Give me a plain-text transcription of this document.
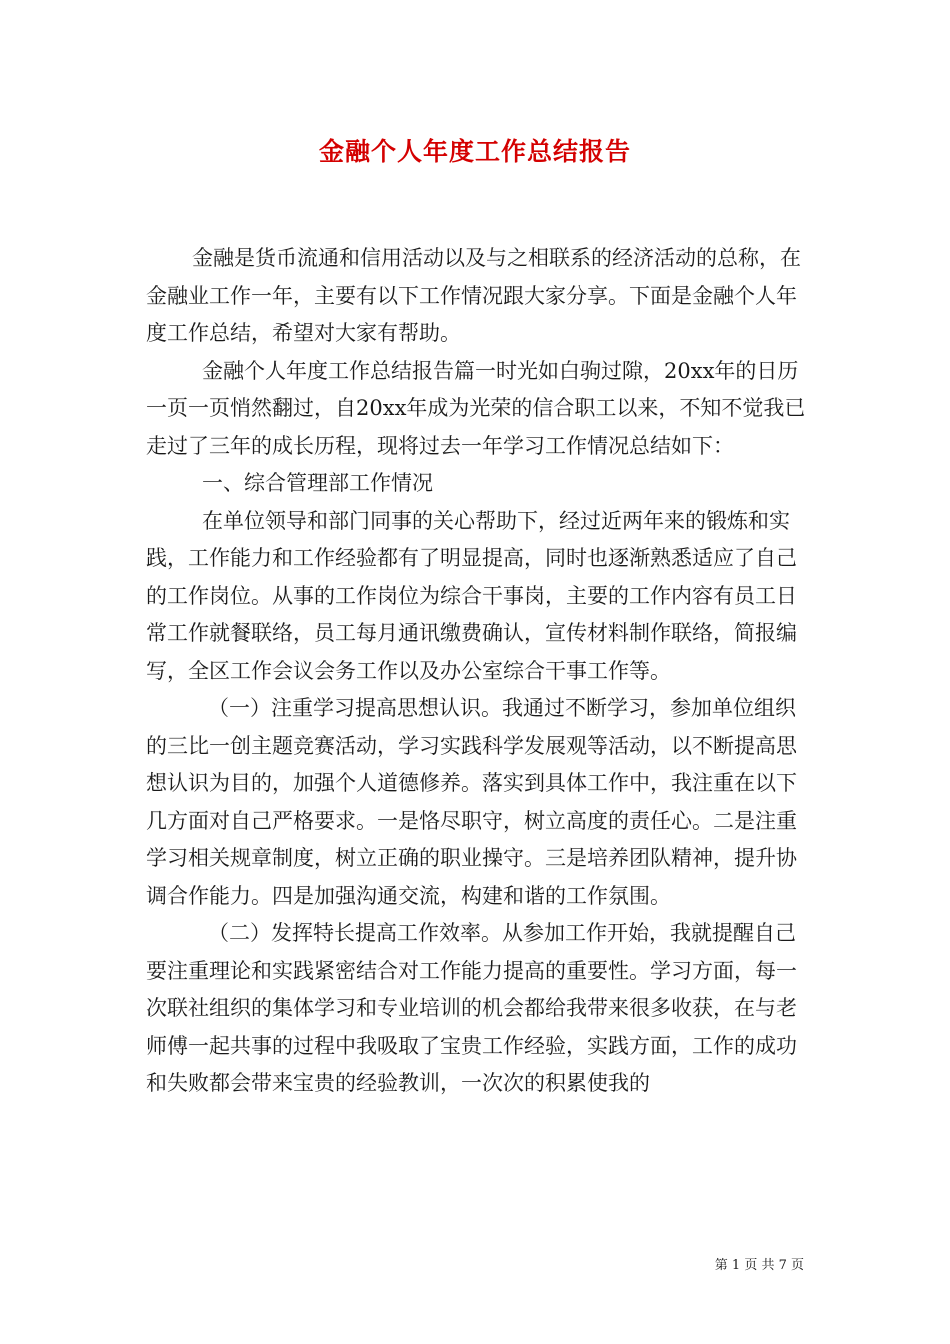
金融个人年度工作总结报告

金融是货币流通和信用活动以及与之相联系的经济活动的总称，在金融业工作一年，主要有以下工作情况跟大家分享。下面是金融个人年度工作总结，希望对大家有帮助。

金融个人年度工作总结报告篇一时光如白驹过隙，20xx年的日历一页一页悄然翻过，自20xx年成为光荣的信合职工以来，不知不觉我已走过了三年的成长历程，现将过去一年学习工作情况总结如下：

一、综合管理部工作情况

在单位领导和部门同事的关心帮助下，经过近两年来的锻炼和实践，工作能力和工作经验都有了明显提高，同时也逐渐熟悉适应了自己的工作岗位。从事的工作岗位为综合干事岗，主要的工作内容有员工日常工作就餐联络，员工每月通讯缴费确认，宣传材料制作联络，简报编写，全区工作会议会务工作以及办公室综合干事工作等。

（一）注重学习提高思想认识。我通过不断学习，参加单位组织的三比一创主题竞赛活动，学习实践科学发展观等活动，以不断提高思想认识为目的，加强个人道德修养。落实到具体工作中，我注重在以下几方面对自己严格要求。一是恪尽职守，树立高度的责任心。二是注重学习相关规章制度，树立正确的职业操守。三是培养团队精神，提升协调合作能力。四是加强沟通交流，构建和谐的工作氛围。

（二）发挥特长提高工作效率。从参加工作开始，我就提醒自己要注重理论和实践紧密结合对工作能力提高的重要性。学习方面，每一次联社组织的集体学习和专业培训的机会都给我带来很多收获，在与老师傅一起共事的过程中我吸取了宝贵工作经验，实践方面，工作的成功和失败都会带来宝贵的经验教训，一次次的积累使我的

第 1 页 共 7 页
